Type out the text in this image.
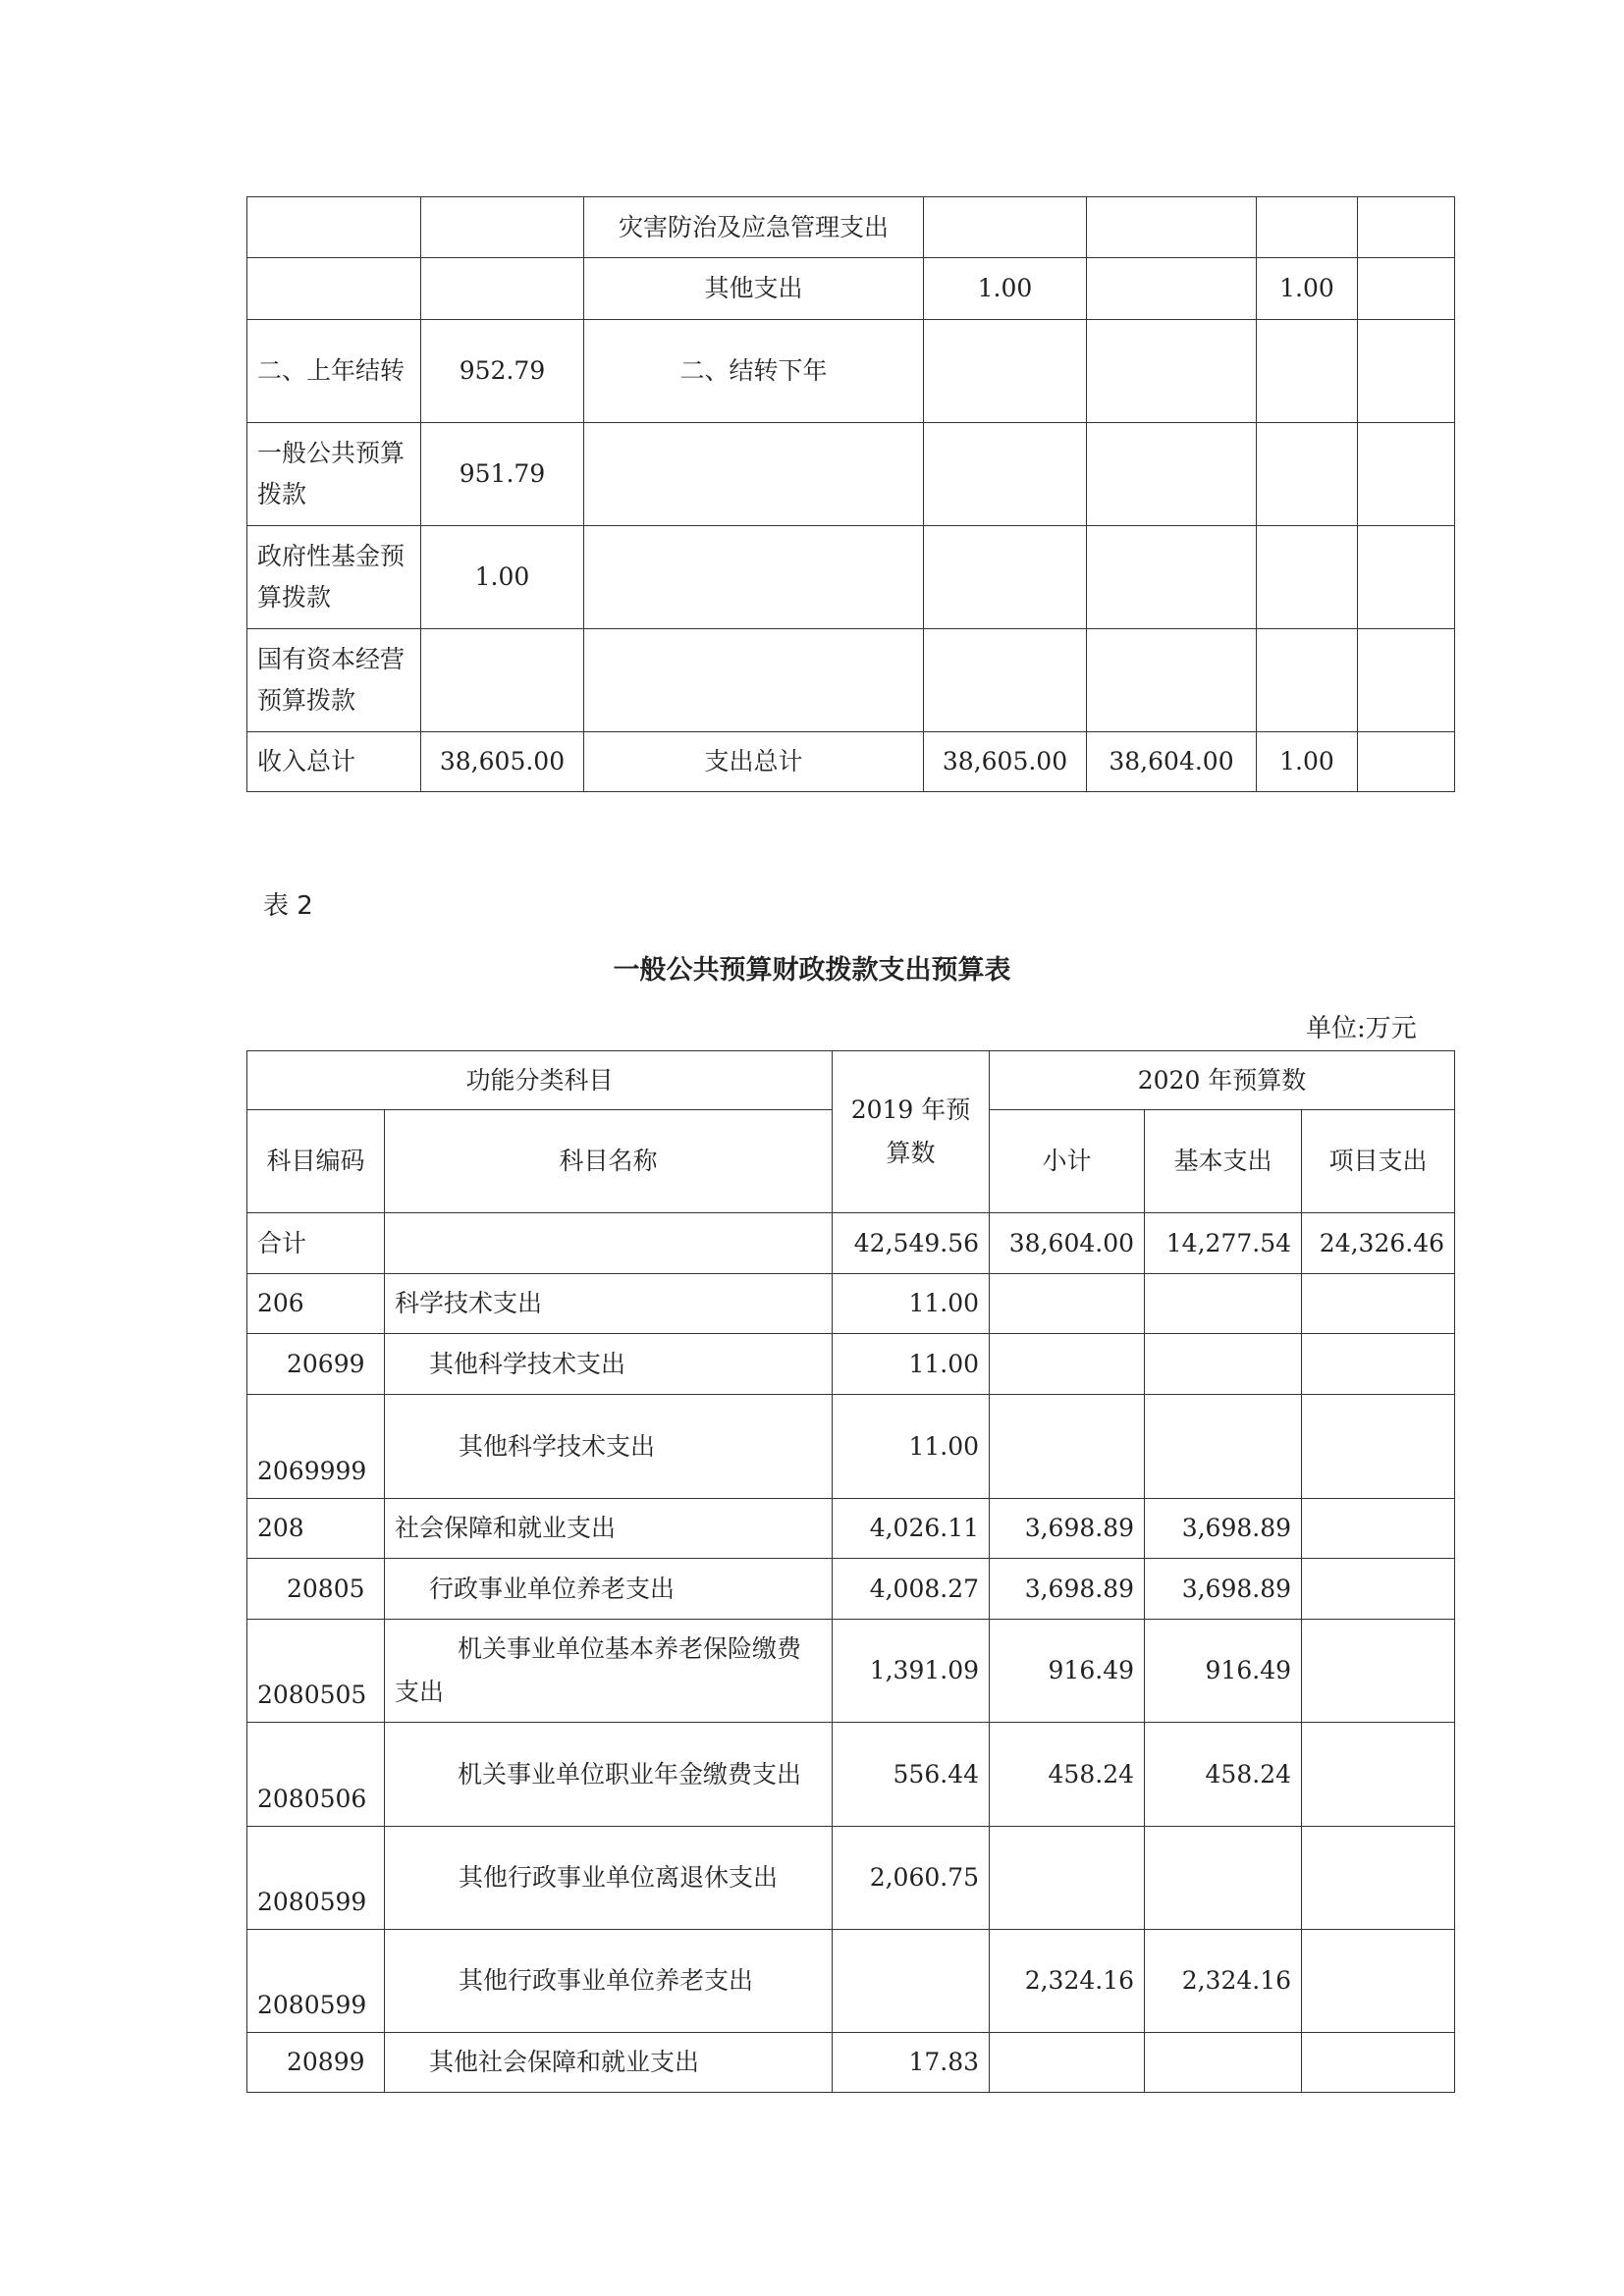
		灾害防治及应急管理支出				
		其他支出	1.00		1.00	
二、上年结转	952.79	二、结转下年				
一般公共预算拨款	951.79					
政府性基金预算拨款	1.00					
国有资本经营预算拨款						
收入总计	38,605.00	支出总计	38,605.00	38,604.00	1.00	
表 2
一般公共预算财政拨款支出预算表
单位:万元
功能分类科目		2019 年预算数	2020 年预算数		
科目编码	科目名称		小计	基本支出	项目支出
合计		42,549.56	38,604.00	14,277.54	24,326.46
206	科学技术支出	11.00			
20699	其他科学技术支出	11.00			
2069999	其他科学技术支出	11.00			
208	社会保障和就业支出	4,026.11	3,698.89	3,698.89	
20805	行政事业单位养老支出	4,008.27	3,698.89	3,698.89	
2080505	机关事业单位基本养老保险缴费支出	1,391.09	916.49	916.49	
2080506	机关事业单位职业年金缴费支出	556.44	458.24	458.24	
2080599	其他行政事业单位离退休支出	2,060.75			
2080599	其他行政事业单位养老支出		2,324.16	2,324.16	
20899	其他社会保障和就业支出	17.83			
